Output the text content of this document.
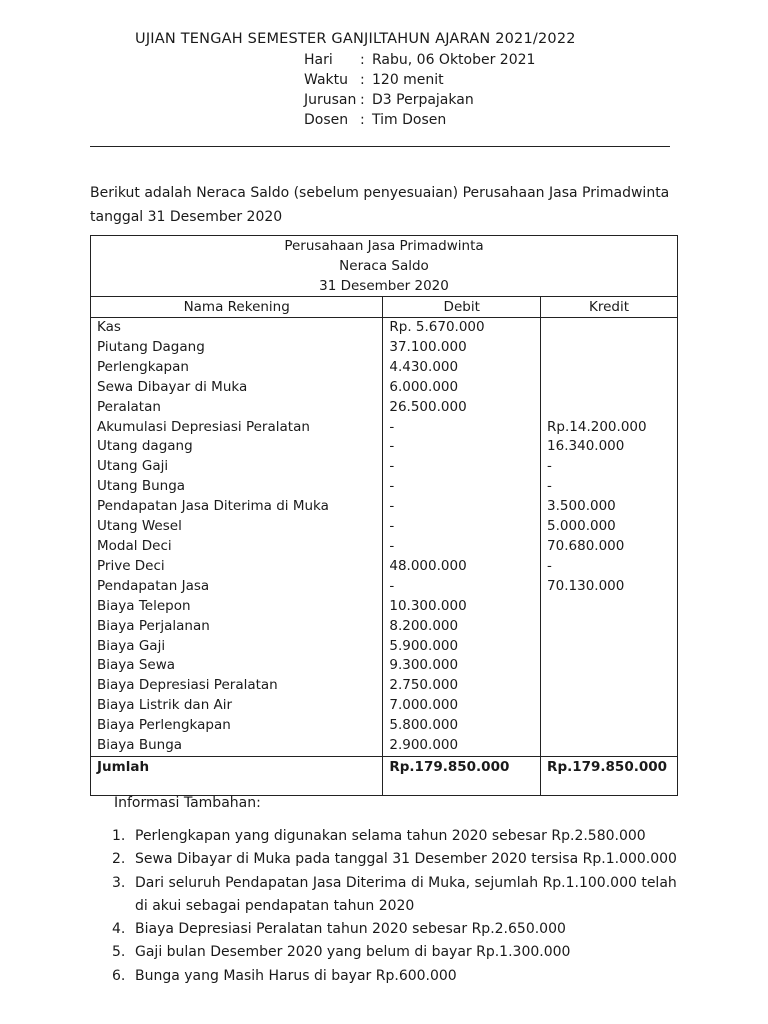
UJIAN TENGAH SEMESTER GANJILTAHUN AJARAN 2021/2022
Hari : Rabu, 06 Oktober 2021
Waktu : 120 menit
Jurusan : D3 Perpajakan
Dosen : Tim Dosen
Berikut adalah Neraca Saldo (sebelum penyesuaian) Perusahaan Jasa Primadwinta tanggal 31 Desember 2020
Perusahaan Jasa Primadwinta
Neraca Saldo
31 Desember 2020		

Nama Rekening	Debit	Kredit
Kas	Rp. 5.670.000	
Piutang Dagang	37.100.000	
Perlengkapan	4.430.000	
Sewa Dibayar di Muka	6.000.000	
Peralatan	26.500.000	
Akumulasi Depresiasi Peralatan	-	Rp.14.200.000
Utang dagang	-	16.340.000
Utang Gaji	-	-
Utang Bunga	-	-
Pendapatan Jasa Diterima di Muka	-	3.500.000
Utang Wesel	-	5.000.000
Modal Deci	-	70.680.000
Prive Deci	48.000.000	-
Pendapatan Jasa	-	70.130.000
Biaya Telepon	10.300.000	
Biaya Perjalanan	8.200.000	
Biaya Gaji	5.900.000	
Biaya Sewa	9.300.000	
Biaya Depresiasi Peralatan	2.750.000	
Biaya Listrik dan Air	7.000.000	
Biaya Perlengkapan	5.800.000	
Biaya Bunga	2.900.000	
Jumlah	Rp.179.850.000	Rp.179.850.000
Informasi Tambahan:
1. Perlengkapan yang digunakan selama tahun 2020 sebesar Rp.2.580.000
2. Sewa Dibayar di Muka pada tanggal 31 Desember 2020 tersisa Rp.1.000.000
3. Dari seluruh Pendapatan Jasa Diterima di Muka, sejumlah Rp.1.100.000 telah di akui sebagai pendapatan tahun 2020
4. Biaya Depresiasi Peralatan tahun 2020 sebesar Rp.2.650.000
5. Gaji bulan Desember 2020 yang belum di bayar Rp.1.300.000
6. Bunga yang Masih Harus di bayar Rp.600.000
